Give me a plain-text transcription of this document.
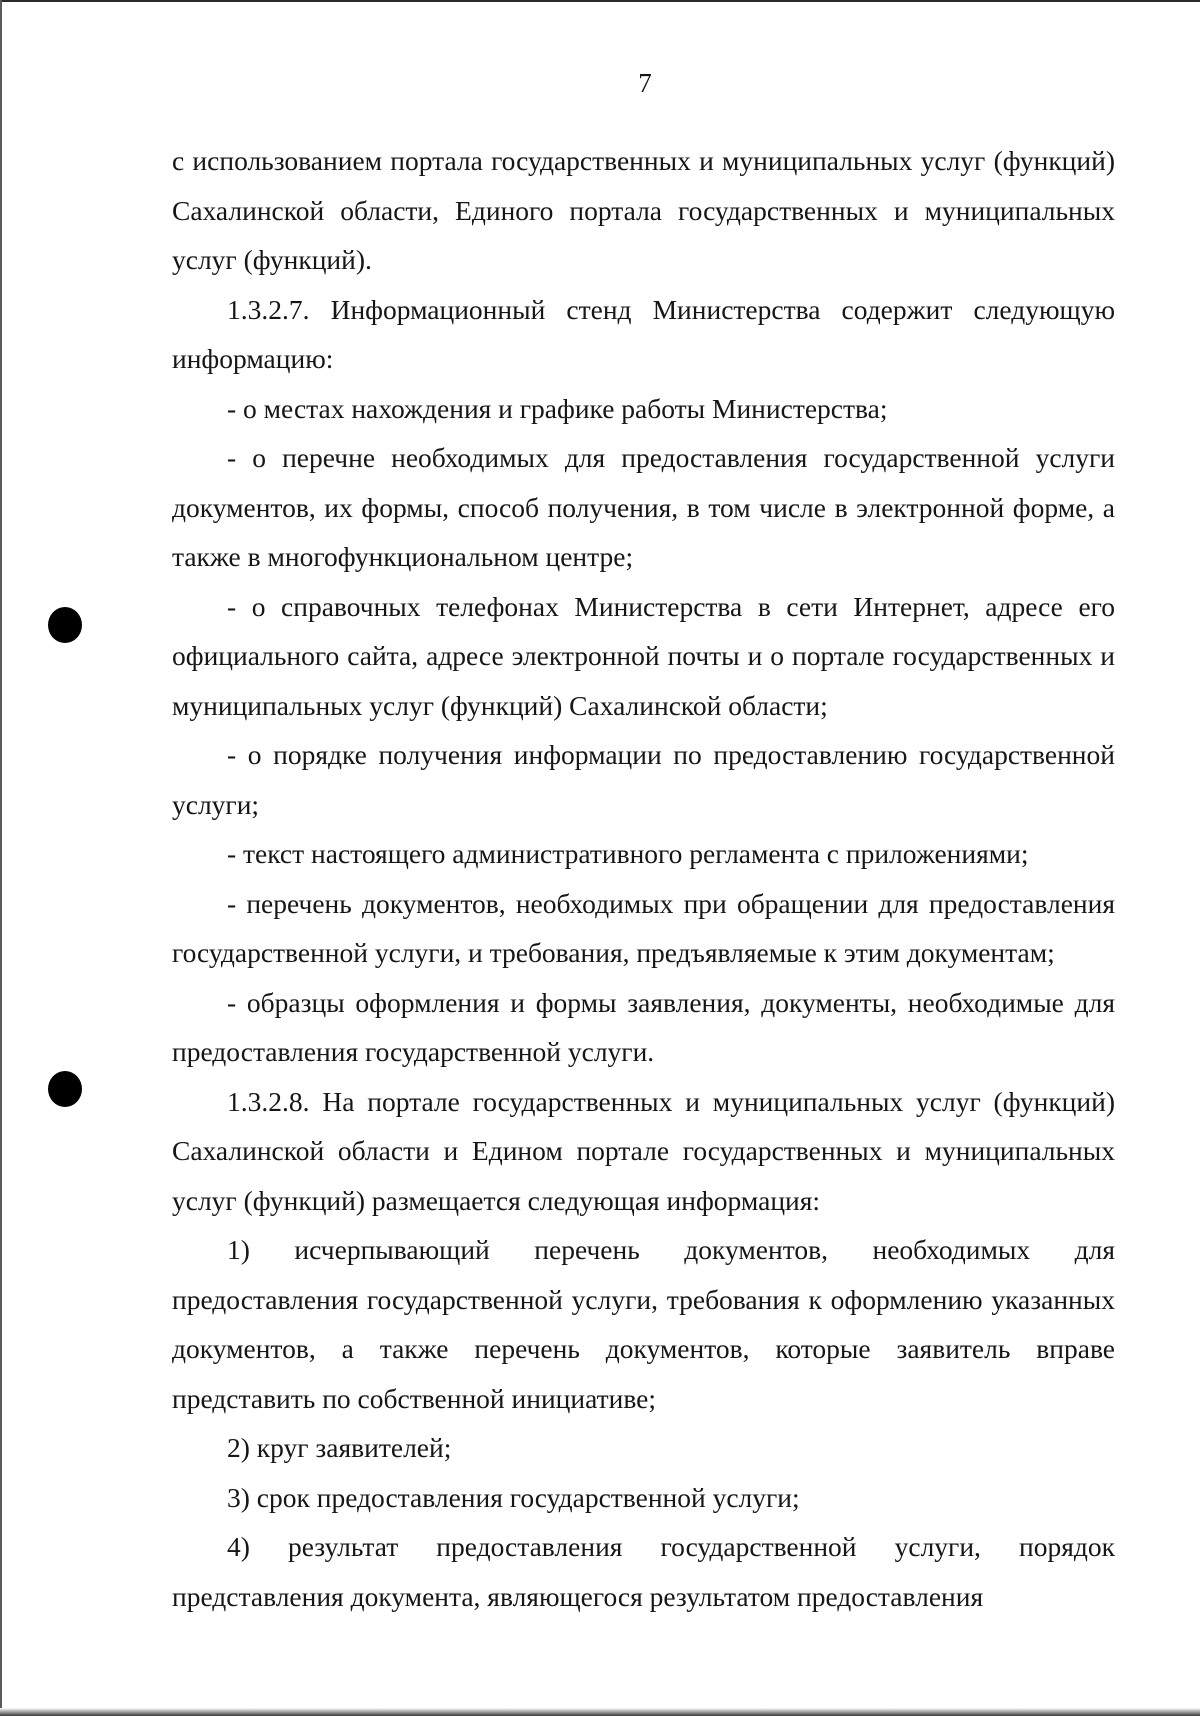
7

с использованием портала государственных и муниципальных услуг (функций) Сахалинской области, Единого портала государственных и муниципальных услуг (функций).

1.3.2.7. Информационный стенд Министерства содержит следующую информацию:

- о местах нахождения и графике работы Министерства;

- о перечне необходимых для предоставления государственной услуги документов, их формы, способ получения, в том числе в электронной форме, а также в многофункциональном центре;

- о справочных телефонах Министерства в сети Интернет, адресе его официального сайта, адресе электронной почты и о портале государственных и муниципальных услуг (функций) Сахалинской области;

- о порядке получения информации по предоставлению государственной услуги;

- текст настоящего административного регламента с приложениями;

- перечень документов, необходимых при обращении для предоставления государственной услуги, и требования, предъявляемые к этим документам;

- образцы оформления и формы заявления, документы, необходимые для предоставления государственной услуги.

1.3.2.8. На портале государственных и муниципальных услуг (функций) Сахалинской области и Едином портале государственных и муниципальных услуг (функций) размещается следующая информация:

1) исчерпывающий перечень документов, необходимых для предоставления государственной услуги, требования к оформлению указанных документов, а также перечень документов, которые заявитель вправе представить по собственной инициативе;

2) круг заявителей;

3) срок предоставления государственной услуги;

4) результат предоставления государственной услуги, порядок представления документа, являющегося результатом предоставления
